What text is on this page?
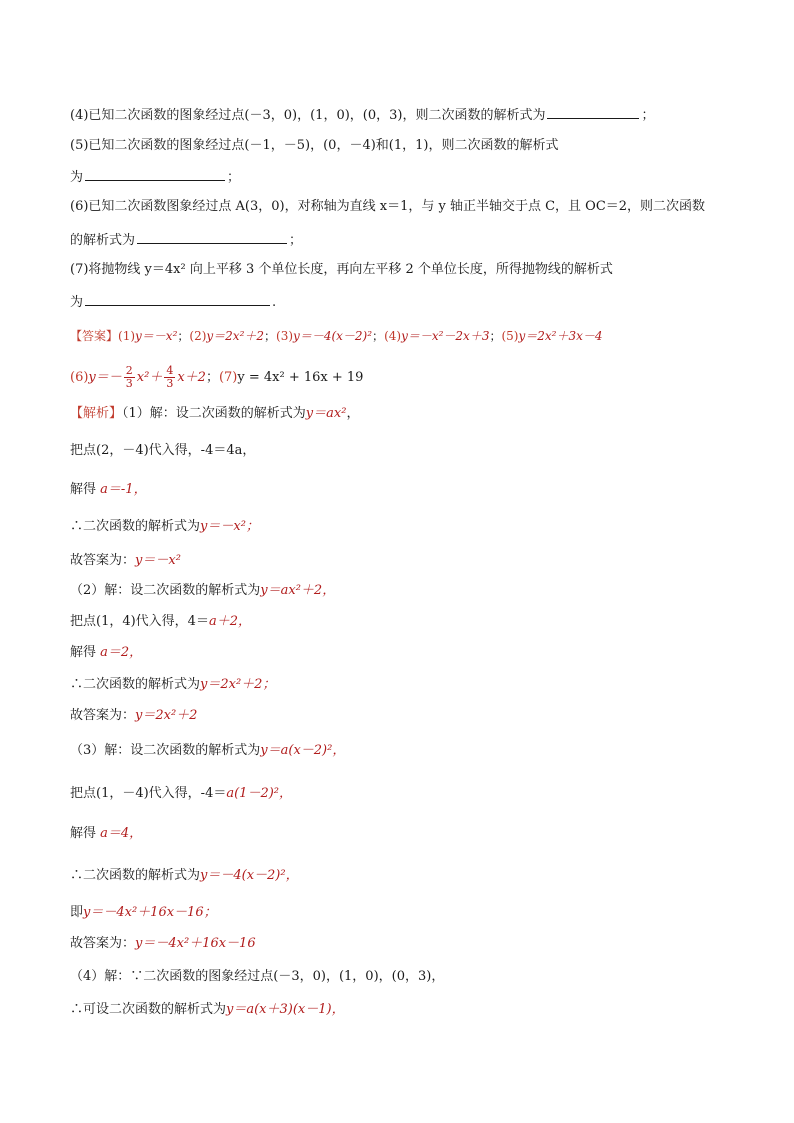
(4)已知二次函数的图象经过点(－3，0)，(1，0)，(0，3)，则二次函数的解析式为	；
(5)已知二次函数的图象经过点(－1，－5)，(0，－4)和(1，1)，则二次函数的解析式
为	；
(6)已知二次函数图象经过点 A(3，0)，对称轴为直线 x＝1，与 y 轴正半轴交于点 C，且 OC＝2，则二次函数
的解析式为	；
(7)将抛物线 y＝4x² 向上平移 3 个单位长度，再向左平移 2 个单位长度，所得抛物线的解析式
为	.
【答案】(1)y＝－x²；(2)y＝2x²＋2；(3)y＝－4(x－2)²；(4)y＝－x²－2x＋3；(5)y＝2x²＋3x－4
$(6)y=- \frac{2}{3} x^2+ \frac{4}{3} x+2$；(7)y = 4x² + 16x + 19
【解析】（1）解：设二次函数的解析式为y＝ax²，
把点(2，－4)代入得，-4＝4a，
解得 a＝-1，
∴二次函数的解析式为y＝－x²；
故答案为：y＝－x²
（2）解：设二次函数的解析式为y＝ax²＋2，
把点(1，4)代入得，4＝a＋2，
解得 a＝2，
∴二次函数的解析式为y＝2x²＋2；
故答案为：y＝2x²＋2
（3）解：设二次函数的解析式为y＝a(x－2)²，
把点(1，－4)代入得，-4＝a(1－2)²，
解得 a＝4，
∴二次函数的解析式为y＝－4(x－2)²，
即y＝－4x²＋16x－16；
故答案为：y＝－4x²＋16x－16
（4）解：∵二次函数的图象经过点(－3，0)，(1，0)，(0，3)，
∴可设二次函数的解析式为y＝a(x＋3)(x－1)，
